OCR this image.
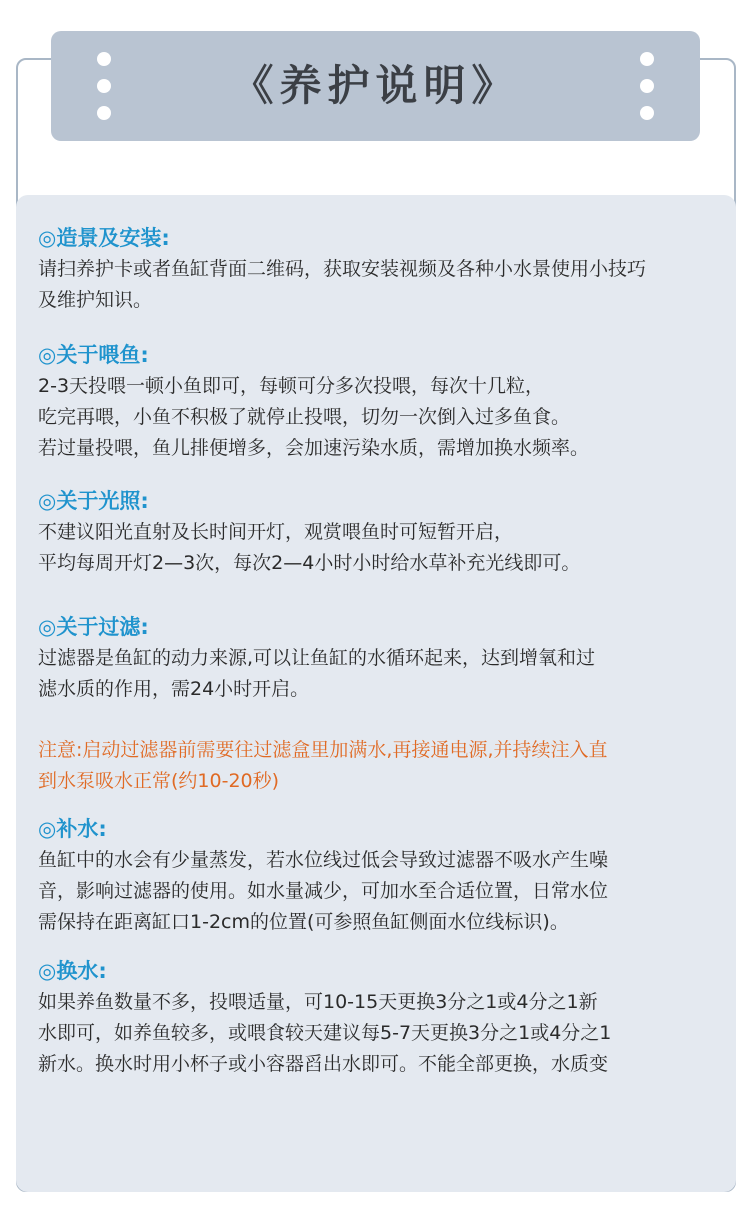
《养护说明》
◎造景及安装:
请扫养护卡或者鱼缸背面二维码，获取安装视频及各种小水景使用小技巧
及维护知识。
◎关于喂鱼:
2-3天投喂一顿小鱼即可，每顿可分多次投喂，每次十几粒，
吃完再喂，小鱼不积极了就停止投喂，切勿一次倒入过多鱼食。
若过量投喂，鱼儿排便增多，会加速污染水质，需增加换水频率。
◎关于光照:
不建议阳光直射及长时间开灯，观赏喂鱼时可短暂开启，
平均每周开灯2—3次，每次2—4小时小时给水草补充光线即可。
◎关于过滤:
过滤器是鱼缸的动力来源,可以让鱼缸的水循环起来，达到增氧和过
滤水质的作用，需24小时开启。
注意:启动过滤器前需要往过滤盒里加满水,再接通电源,并持续注入直
到水泵吸水正常(约10-20秒)
◎补水:
鱼缸中的水会有少量蒸发，若水位线过低会导致过滤器不吸水产生噪
音，影响过滤器的使用。如水量减少，可加水至合适位置，日常水位
需保持在距离缸口1-2cm的位置(可参照鱼缸侧面水位线标识)。
◎换水:
如果养鱼数量不多，投喂适量，可10-15天更换3分之1或4分之1新
水即可，如养鱼较多，或喂食较天建议每5-7天更换3分之1或4分之1
新水。换水时用小杯子或小容器舀出水即可。不能全部更换，水质变
